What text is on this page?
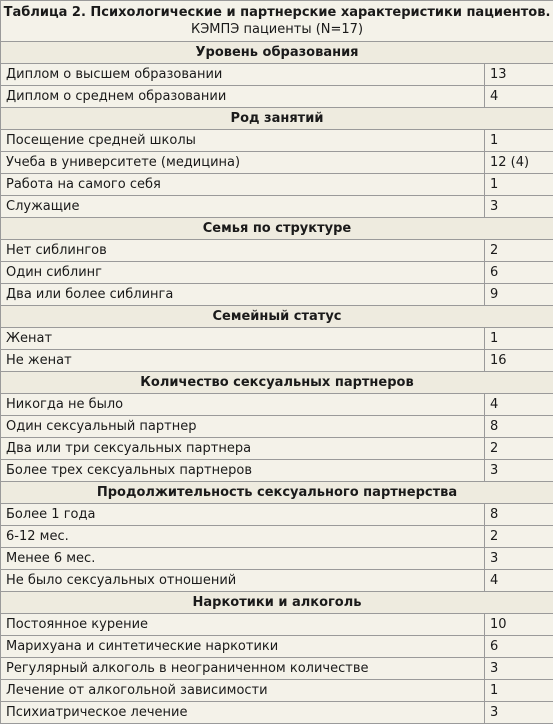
Таблица 2. Психологические и партнерские характеристики пациентов.
КЭМПЭ пациенты (N=17)	

Уровень образования	
Диплом о высшем образовании	13
Диплом о среднем образовании	4
Род занятий	
Посещение средней школы	1
Учеба в университете (медицина)	12 (4)
Работа на самого себя	1
Служащие	3
Семья по структуре	
Нет сиблингов	2
Один сиблинг	6
Два или более сиблинга	9
Семейный статус	
Женат	1
Не женат	16
Количество сексуальных партнеров	
Никогда не было	4
Один сексуальный партнер	8
Два или три сексуальных партнера	2
Более трех сексуальных партнеров	3
Продолжительность сексуального партнерства	
Более 1 года	8
6-12 мес.	2
Менее 6 мес.	3
Не было сексуальных отношений	4
Наркотики и алкоголь	
Постоянное курение	10
Марихуана и синтетические наркотики	6
Регулярный алкоголь в неограниченном количестве	3
Лечение от алкогольной зависимости	1
Психиатрическое лечение	3
